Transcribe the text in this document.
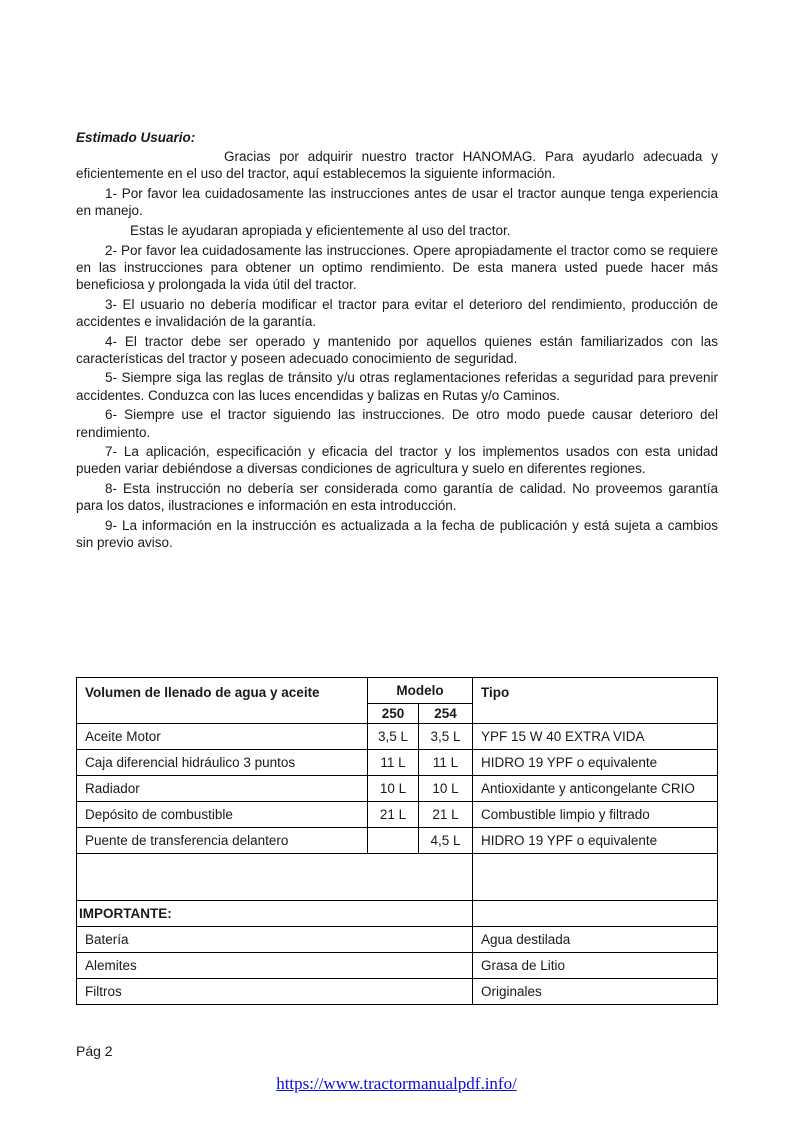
Estimado Usuario:

Gracias por adquirir nuestro tractor HANOMAG. Para ayudarlo adecuada y eficientemente en el uso del tractor, aquí establecemos la siguiente información.

1- Por favor lea cuidadosamente las instrucciones antes de usar el tractor aunque tenga experiencia en manejo.

Estas le ayudaran apropiada y eficientemente al uso del tractor.

2- Por favor lea cuidadosamente las instrucciones. Opere apropiadamente el tractor como se requiere en las instrucciones para obtener un optimo rendimiento. De esta manera usted puede hacer más beneficiosa y prolongada la vida útil del tractor.

3- El usuario no debería modificar el tractor para evitar el deterioro del rendimiento, producción de accidentes e invalidación de la garantía.

4- El tractor debe ser operado y mantenido por aquellos quienes están familiarizados con las características del tractor y poseen adecuado conocimiento de seguridad.

5- Siempre siga las reglas de tránsito y/u otras reglamentaciones referidas a seguridad para prevenir accidentes. Conduzca con las luces encendidas y balizas en Rutas y/o Caminos.

6- Siempre use el tractor siguiendo las instrucciones. De otro modo puede causar deterioro del rendimiento.

7- La aplicación, especificación y eficacia del tractor y los implementos usados con esta unidad pueden variar debiéndose a diversas condiciones de agricultura y suelo en diferentes regiones.

8- Esta instrucción no debería ser considerada como garantía de calidad. No proveemos garantía para los datos, ilustraciones e información en esta introducción.

9- La información en la instrucción es actualizada a la fecha de publicación y está sujeta a cambios sin previo aviso.

Volumen de llenado de agua y aceite	Modelo		Tipo
	250	254	
Aceite Motor	3,5 L	3,5 L	YPF 15 W 40 EXTRA VIDA
Caja diferencial hidráulico 3 puntos	11 L	11 L	HIDRO 19 YPF o equivalente
Radiador	10 L	10 L	Antioxidante y anticongelante CRIO
Depósito de combustible	21 L	21 L	Combustible limpio y filtrado
Puente de transferencia delantero		4,5 L	HIDRO 19 YPF o equivalente

IMPORTANTE:			
Batería			Agua destilada
Alemites			Grasa de Litio
Filtros			Originales
Pág 2
https://www.tractormanualpdf.info/
